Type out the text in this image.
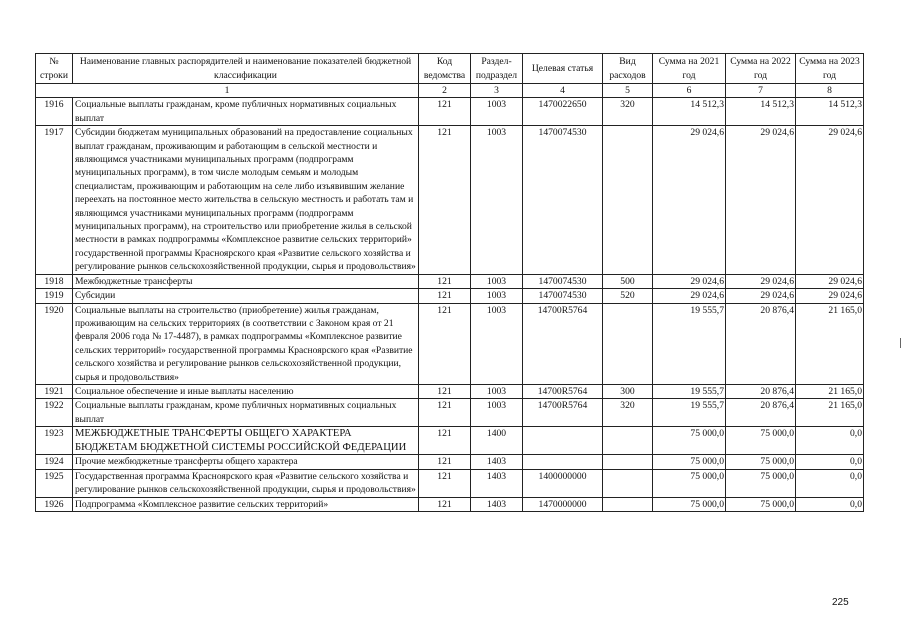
№ строки	Наименование главных распорядителей и наименование показателей бюджетной классификации	Код ведомства	Раздел- подраздел	Целевая статья	Вид расходов	Сумма на 2021 год	Сумма на 2022 год	Сумма на 2023 год
1		2	3	4	5	6	7	8
1916	Социальные выплаты гражданам, кроме публичных нормативных социальных выплат	121	1003	1470022650	320	14 512,3	14 512,3	14 512,3
1917	Субсидии бюджетам муниципальных образований на предоставление социальных выплат гражданам, проживающим и работающим в сельской местности и являющимся участниками муниципальных программ (подпрограмм муниципальных программ), в том числе молодым семьям и молодым специалистам, проживающим и работающим на селе либо изъявившим желание переехать на постоянное место жительства в сельскую местность и работать там и являющимся участниками муниципальных программ (подпрограмм муниципальных программ), на строительство или приобретение жилья в сельской местности в рамках подпрограммы «Комплексное развитие сельских территорий» государственной программы Красноярского края «Развитие сельского хозяйства и регулирование рынков сельскохозяйственной продукции, сырья и продовольствия»	121	1003	1470074530		29 024,6	29 024,6	29 024,6
1918	Межбюджетные трансферты	121	1003	1470074530	500	29 024,6	29 024,6	29 024,6
1919	Субсидии	121	1003	1470074530	520	29 024,6	29 024,6	29 024,6
1920	Социальные выплаты на строительство (приобретение) жилья гражданам, проживающим на сельских территориях (в соответствии с Законом края от 21 февраля 2006 года № 17-4487), в рамках подпрограммы «Комплексное развитие сельских территорий» государственной программы Красноярского края «Развитие сельского хозяйства и регулирование рынков сельскохозяйственной продукции, сырья и продовольствия»	121	1003	14700R5764		19 555,7	20 876,4	21 165,0
1921	Социальное обеспечение и иные выплаты населению	121	1003	14700R5764	300	19 555,7	20 876,4	21 165,0
1922	Социальные выплаты гражданам, кроме публичных нормативных социальных выплат	121	1003	14700R5764	320	19 555,7	20 876,4	21 165,0
1923	МЕЖБЮДЖЕТНЫЕ ТРАНСФЕРТЫ ОБЩЕГО ХАРАКТЕРА БЮДЖЕТАМ БЮДЖЕТНОЙ СИСТЕМЫ РОССИЙСКОЙ ФЕДЕРАЦИИ	121	1400			75 000,0	75 000,0	0,0
1924	Прочие межбюджетные трансферты общего характера	121	1403			75 000,0	75 000,0	0,0
1925	Государственная программа Красноярского края «Развитие сельского хозяйства и регулирование рынков сельскохозяйственной продукции, сырья и продовольствия»	121	1403	1400000000		75 000,0	75 000,0	0,0
1926	Подпрограмма «Комплексное развитие сельских территорий»	121	1403	1470000000		75 000,0	75 000,0	0,0
225
